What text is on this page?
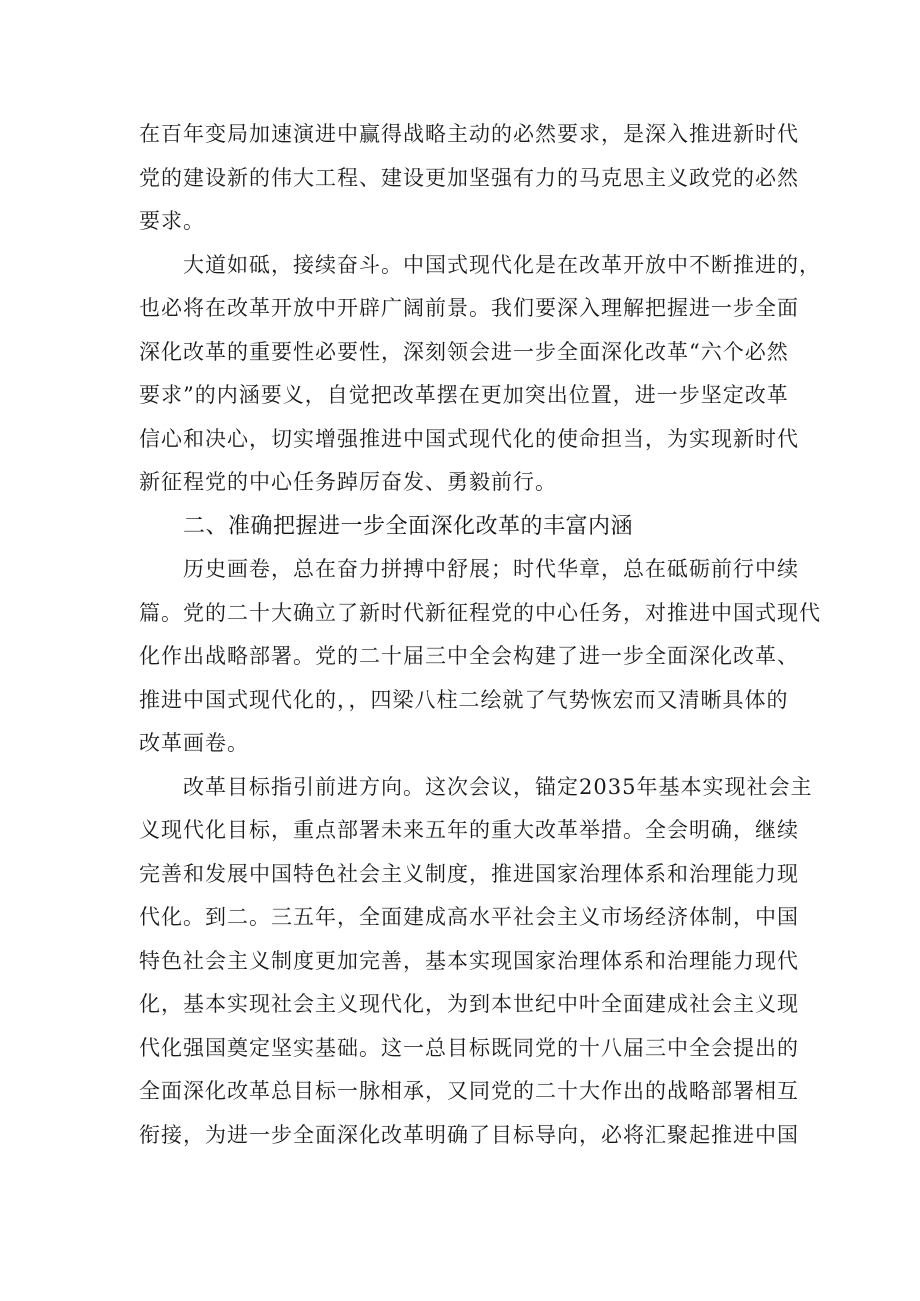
在百年变局加速演进中赢得战略主动的必然要求，是深入推进新时代
党的建设新的伟大工程、建设更加坚强有力的马克思主义政党的必然
要求。
大道如砥，接续奋斗。中国式现代化是在改革开放中不断推进的，
也必将在改革开放中开辟广阔前景。我们要深入理解把握进一步全面
深化改革的重要性必要性，深刻领会进一步全面深化改革“六个必然
要求”的内涵要义，自觉把改革摆在更加突出位置，进一步坚定改革
信心和决心，切实增强推进中国式现代化的使命担当，为实现新时代
新征程党的中心任务踔厉奋发、勇毅前行。
二、准确把握进一步全面深化改革的丰富内涵
历史画卷，总在奋力拼搏中舒展；时代华章，总在砥砺前行中续
篇。党的二十大确立了新时代新征程党的中心任务，对推进中国式现代
化作出战略部署。党的二十届三中全会构建了进一步全面深化改革、
推进中国式现代化的，，四梁八柱二绘就了气势恢宏而又清晰具体的
改革画卷。
改革目标指引前进方向。这次会议，锚定2035年基本实现社会主
义现代化目标，重点部署未来五年的重大改革举措。全会明确，继续
完善和发展中国特色社会主义制度，推进国家治理体系和治理能力现
代化。到二。三五年，全面建成高水平社会主义市场经济体制，中国
特色社会主义制度更加完善，基本实现国家治理体系和治理能力现代
化，基本实现社会主义现代化，为到本世纪中叶全面建成社会主义现
代化强国奠定坚实基础。这一总目标既同党的十八届三中全会提出的
全面深化改革总目标一脉相承，又同党的二十大作出的战略部署相互
衔接，为进一步全面深化改革明确了目标导向，必将汇聚起推进中国
